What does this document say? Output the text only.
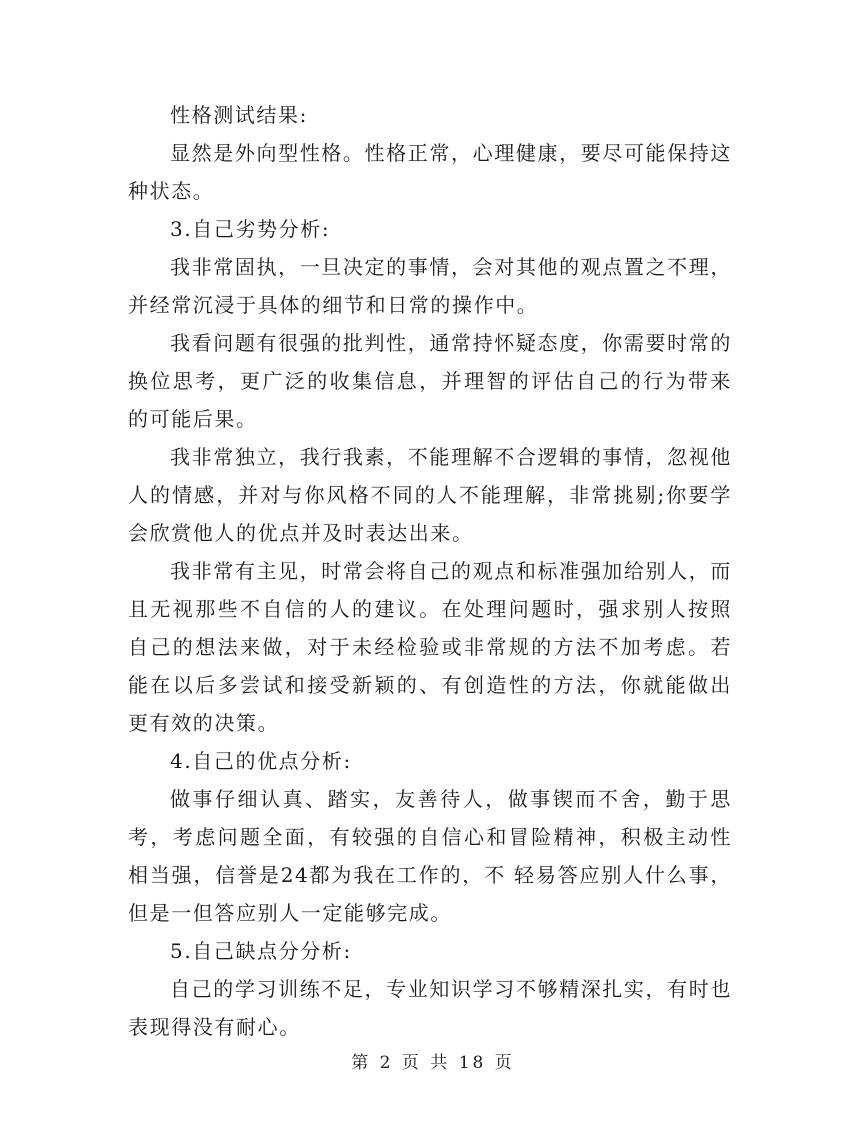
性格测试结果:

显然是外向型性格。性格正常，心理健康，要尽可能保持这种状态。

3.自己劣势分析:

我非常固执，一旦决定的事情，会对其他的观点置之不理，并经常沉浸于具体的细节和日常的操作中。

我看问题有很强的批判性，通常持怀疑态度，你需要时常的换位思考，更广泛的收集信息，并理智的评估自己的行为带来的可能后果。

我非常独立，我行我素，不能理解不合逻辑的事情，忽视他人的情感，并对与你风格不同的人不能理解，非常挑剔;你要学会欣赏他人的优点并及时表达出来。

我非常有主见，时常会将自己的观点和标准强加给别人，而且无视那些不自信的人的建议。在处理问题时，强求别人按照自己的想法来做，对于未经检验或非常规的方法不加考虑。若能在以后多尝试和接受新颖的、有创造性的方法，你就能做出更有效的决策。

4.自己的优点分析:

做事仔细认真、踏实，友善待人，做事锲而不舍，勤于思考，考虑问题全面，有较强的自信心和冒险精神，积极主动性相当强，信誉是24都为我在工作的，不 轻易答应别人什么事，但是一但答应别人一定能够完成。

5.自己缺点分分析:

自己的学习训练不足，专业知识学习不够精深扎实，有时也表现得没有耐心。

第 2 页 共 18 页
